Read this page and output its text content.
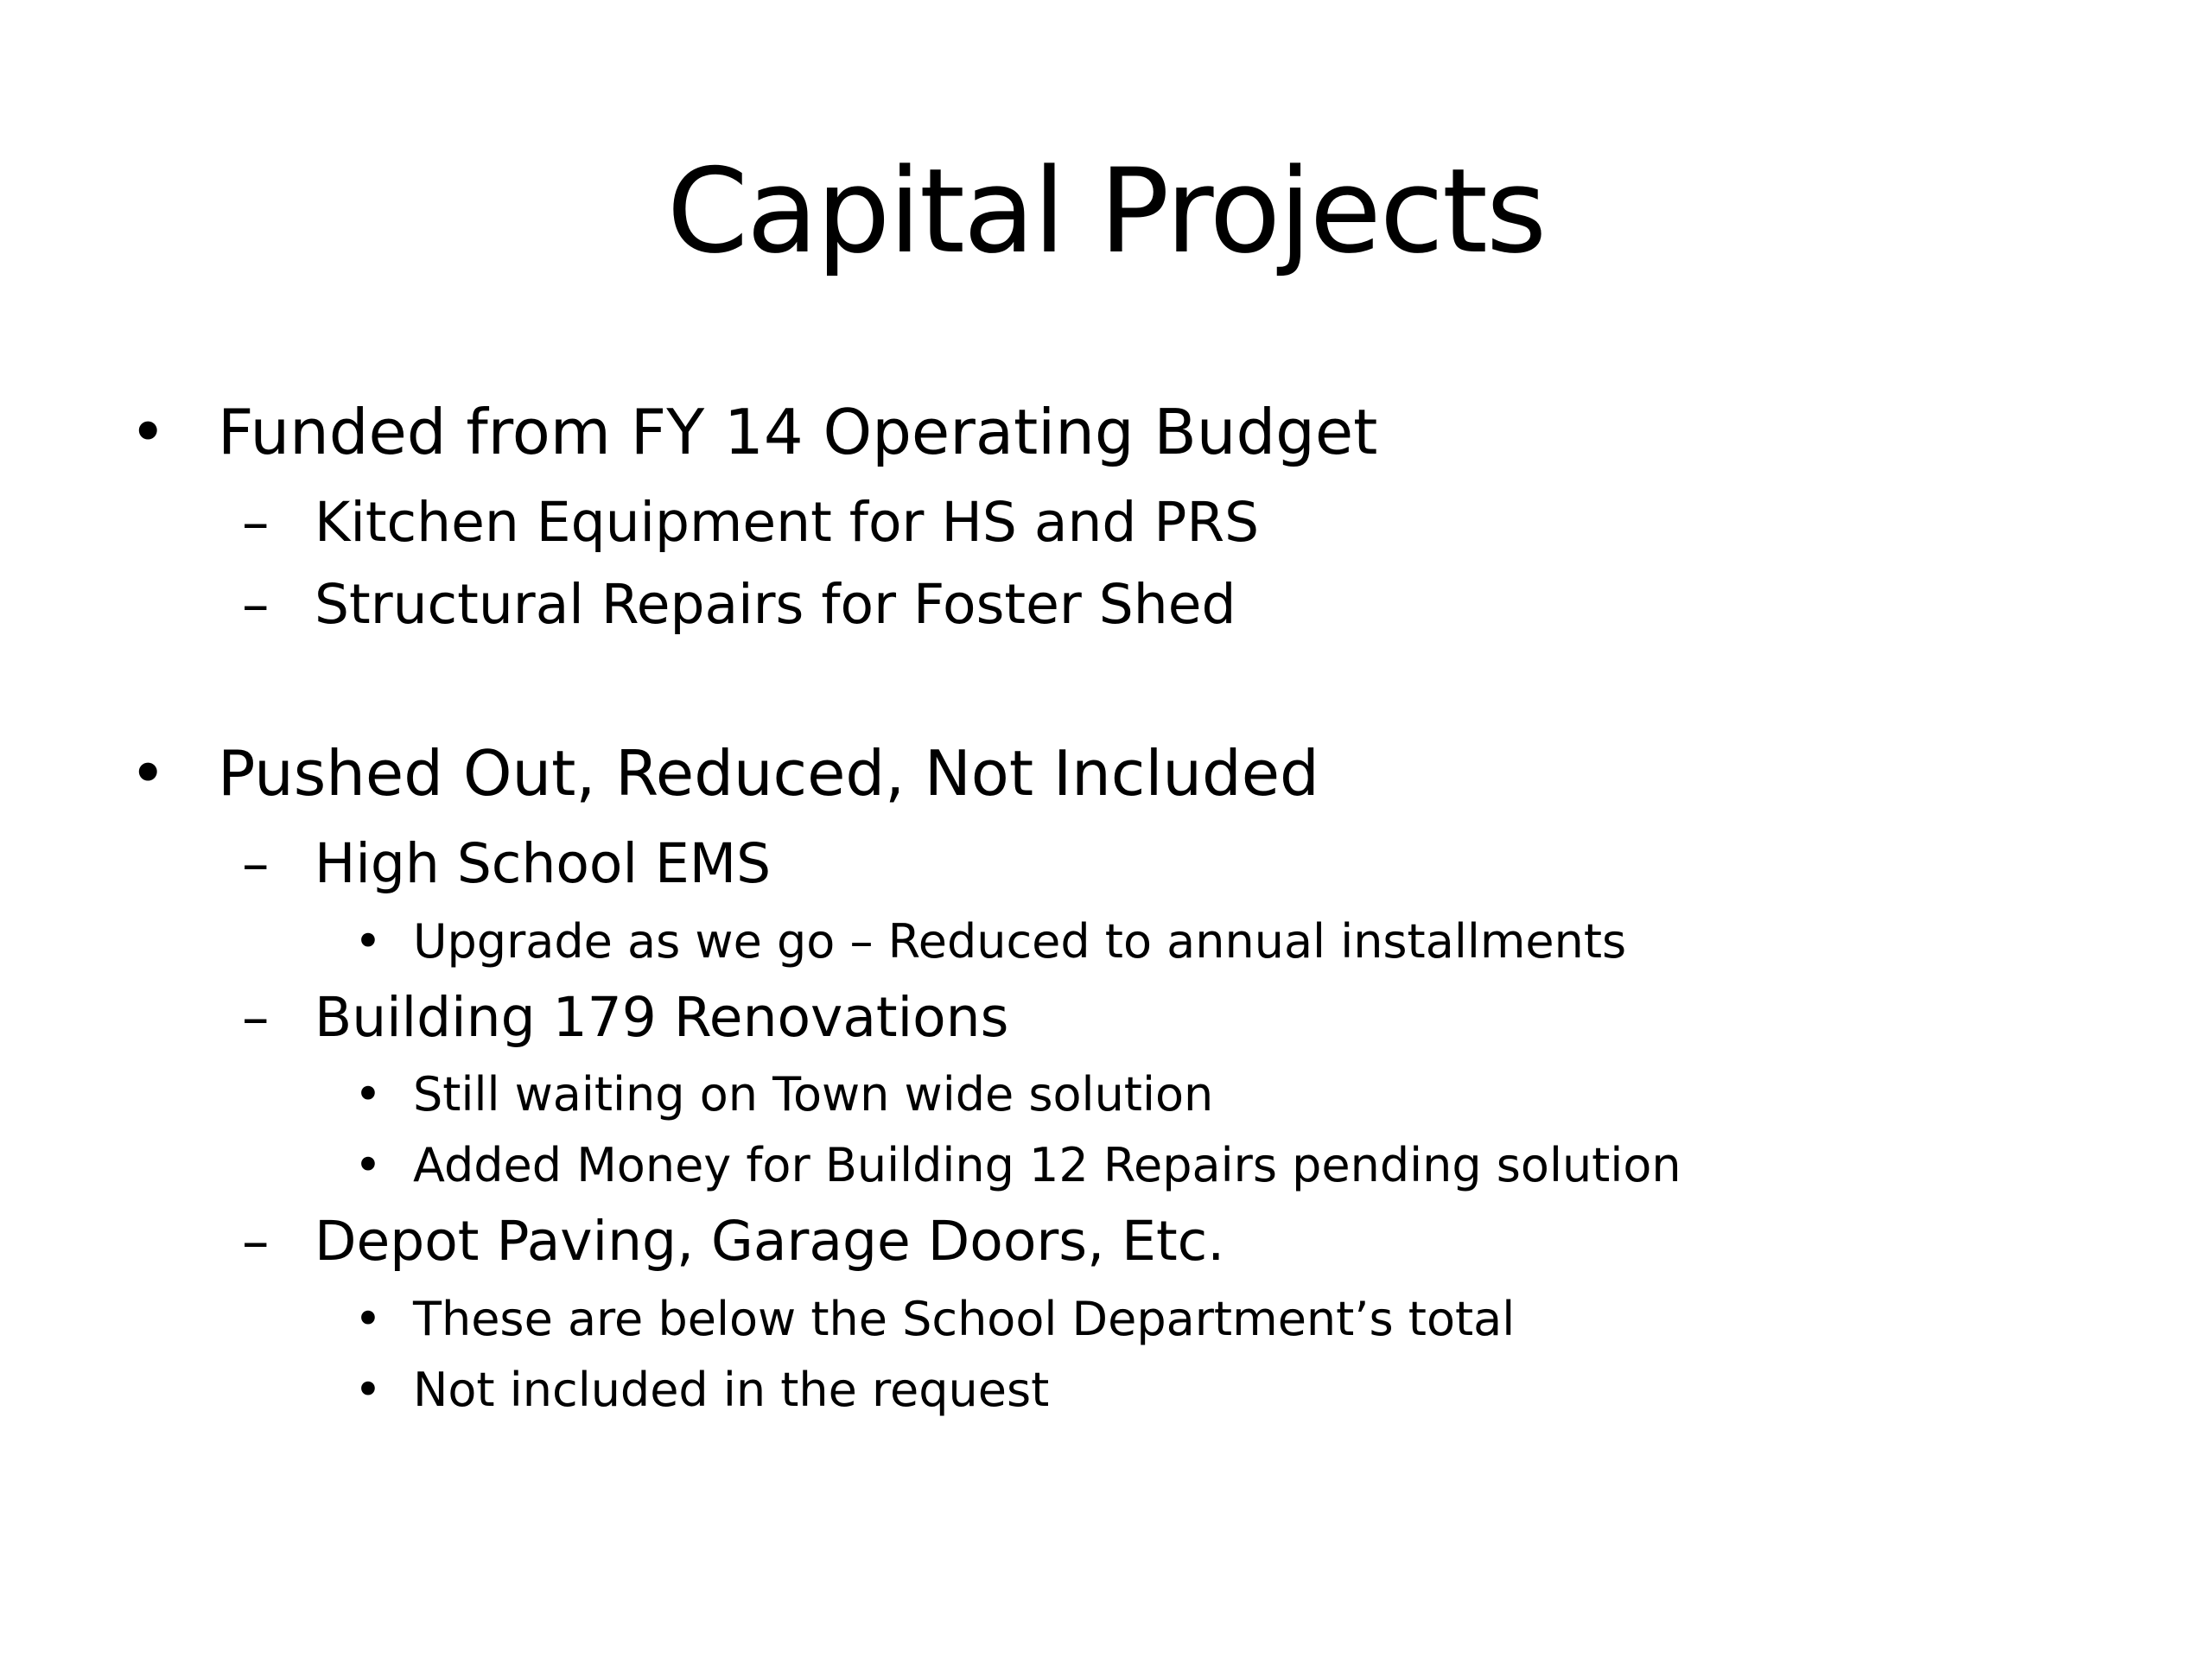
Capital Projects
• Funded from FY 14 Operating Budget
– Kitchen Equipment for HS and PRS
– Structural Repairs for Foster Shed
• Pushed Out, Reduced, Not Included
– High School EMS
• Upgrade as we go – Reduced to annual installments
– Building 179 Renovations
• Still waiting on Town wide solution
• Added Money for Building 12 Repairs pending solution
– Depot Paving, Garage Doors, Etc.
• These are below the School Department’s total
• Not included in the request
